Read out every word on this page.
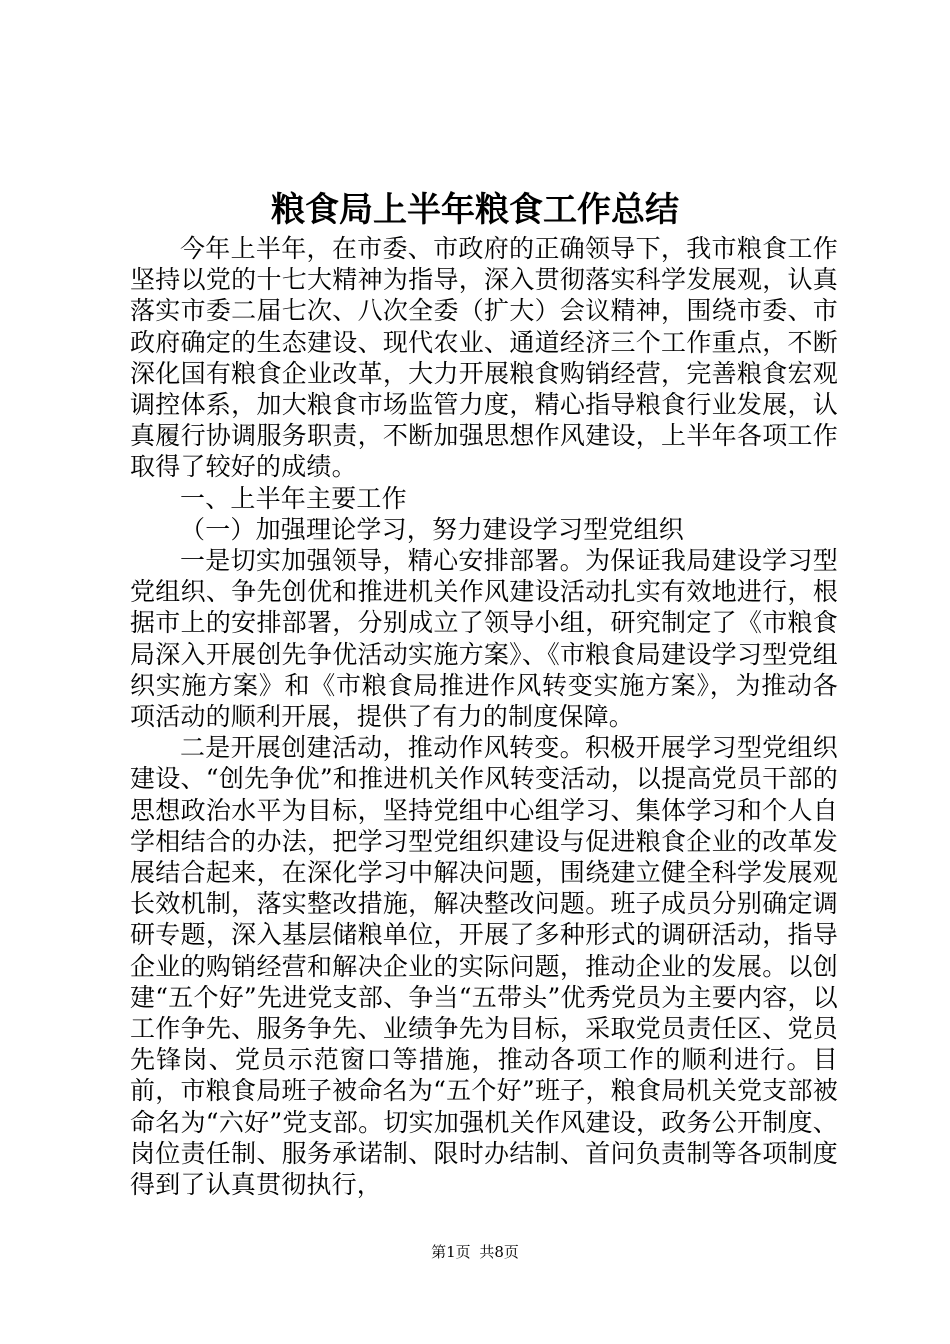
粮食局上半年粮食工作总结

今年上半年，在市委、市政府的正确领导下，我市粮食工作坚持以党的十七大精神为指导，深入贯彻落实科学发展观，认真落实市委二届七次、八次全委（扩大）会议精神，围绕市委、市政府确定的生态建设、现代农业、通道经济三个工作重点，不断深化国有粮食企业改革，大力开展粮食购销经营，完善粮食宏观调控体系，加大粮食市场监管力度，精心指导粮食行业发展，认真履行协调服务职责，不断加强思想作风建设，上半年各项工作取得了较好的成绩。

一、上半年主要工作

（一）加强理论学习，努力建设学习型党组织

一是切实加强领导，精心安排部署。为保证我局建设学习型党组织、争先创优和推进机关作风建设活动扎实有效地进行，根据市上的安排部署，分别成立了领导小组，研究制定了《市粮食局深入开展创先争优活动实施方案》、《市粮食局建设学习型党组织实施方案》和《市粮食局推进作风转变实施方案》，为推动各项活动的顺利开展，提供了有力的制度保障。

二是开展创建活动，推动作风转变。积极开展学习型党组织建设、“创先争优”和推进机关作风转变活动，以提高党员干部的思想政治水平为目标，坚持党组中心组学习、集体学习和个人自学相结合的办法，把学习型党组织建设与促进粮食企业的改革发展结合起来，在深化学习中解决问题，围绕建立健全科学发展观长效机制，落实整改措施，解决整改问题。班子成员分别确定调研专题，深入基层储粮单位，开展了多种形式的调研活动，指导企业的购销经营和解决企业的实际问题，推动企业的发展。以创建“五个好”先进党支部、争当“五带头”优秀党员为主要内容，以工作争先、服务争先、业绩争先为目标，采取党员责任区、党员先锋岗、党员示范窗口等措施，推动各项工作的顺利进行。目前，市粮食局班子被命名为“五个好”班子，粮食局机关党支部被命名为“六好”党支部。切实加强机关作风建设，政务公开制度、岗位责任制、服务承诺制、限时办结制、首问负责制等各项制度得到了认真贯彻执行，

第1页 共8页
